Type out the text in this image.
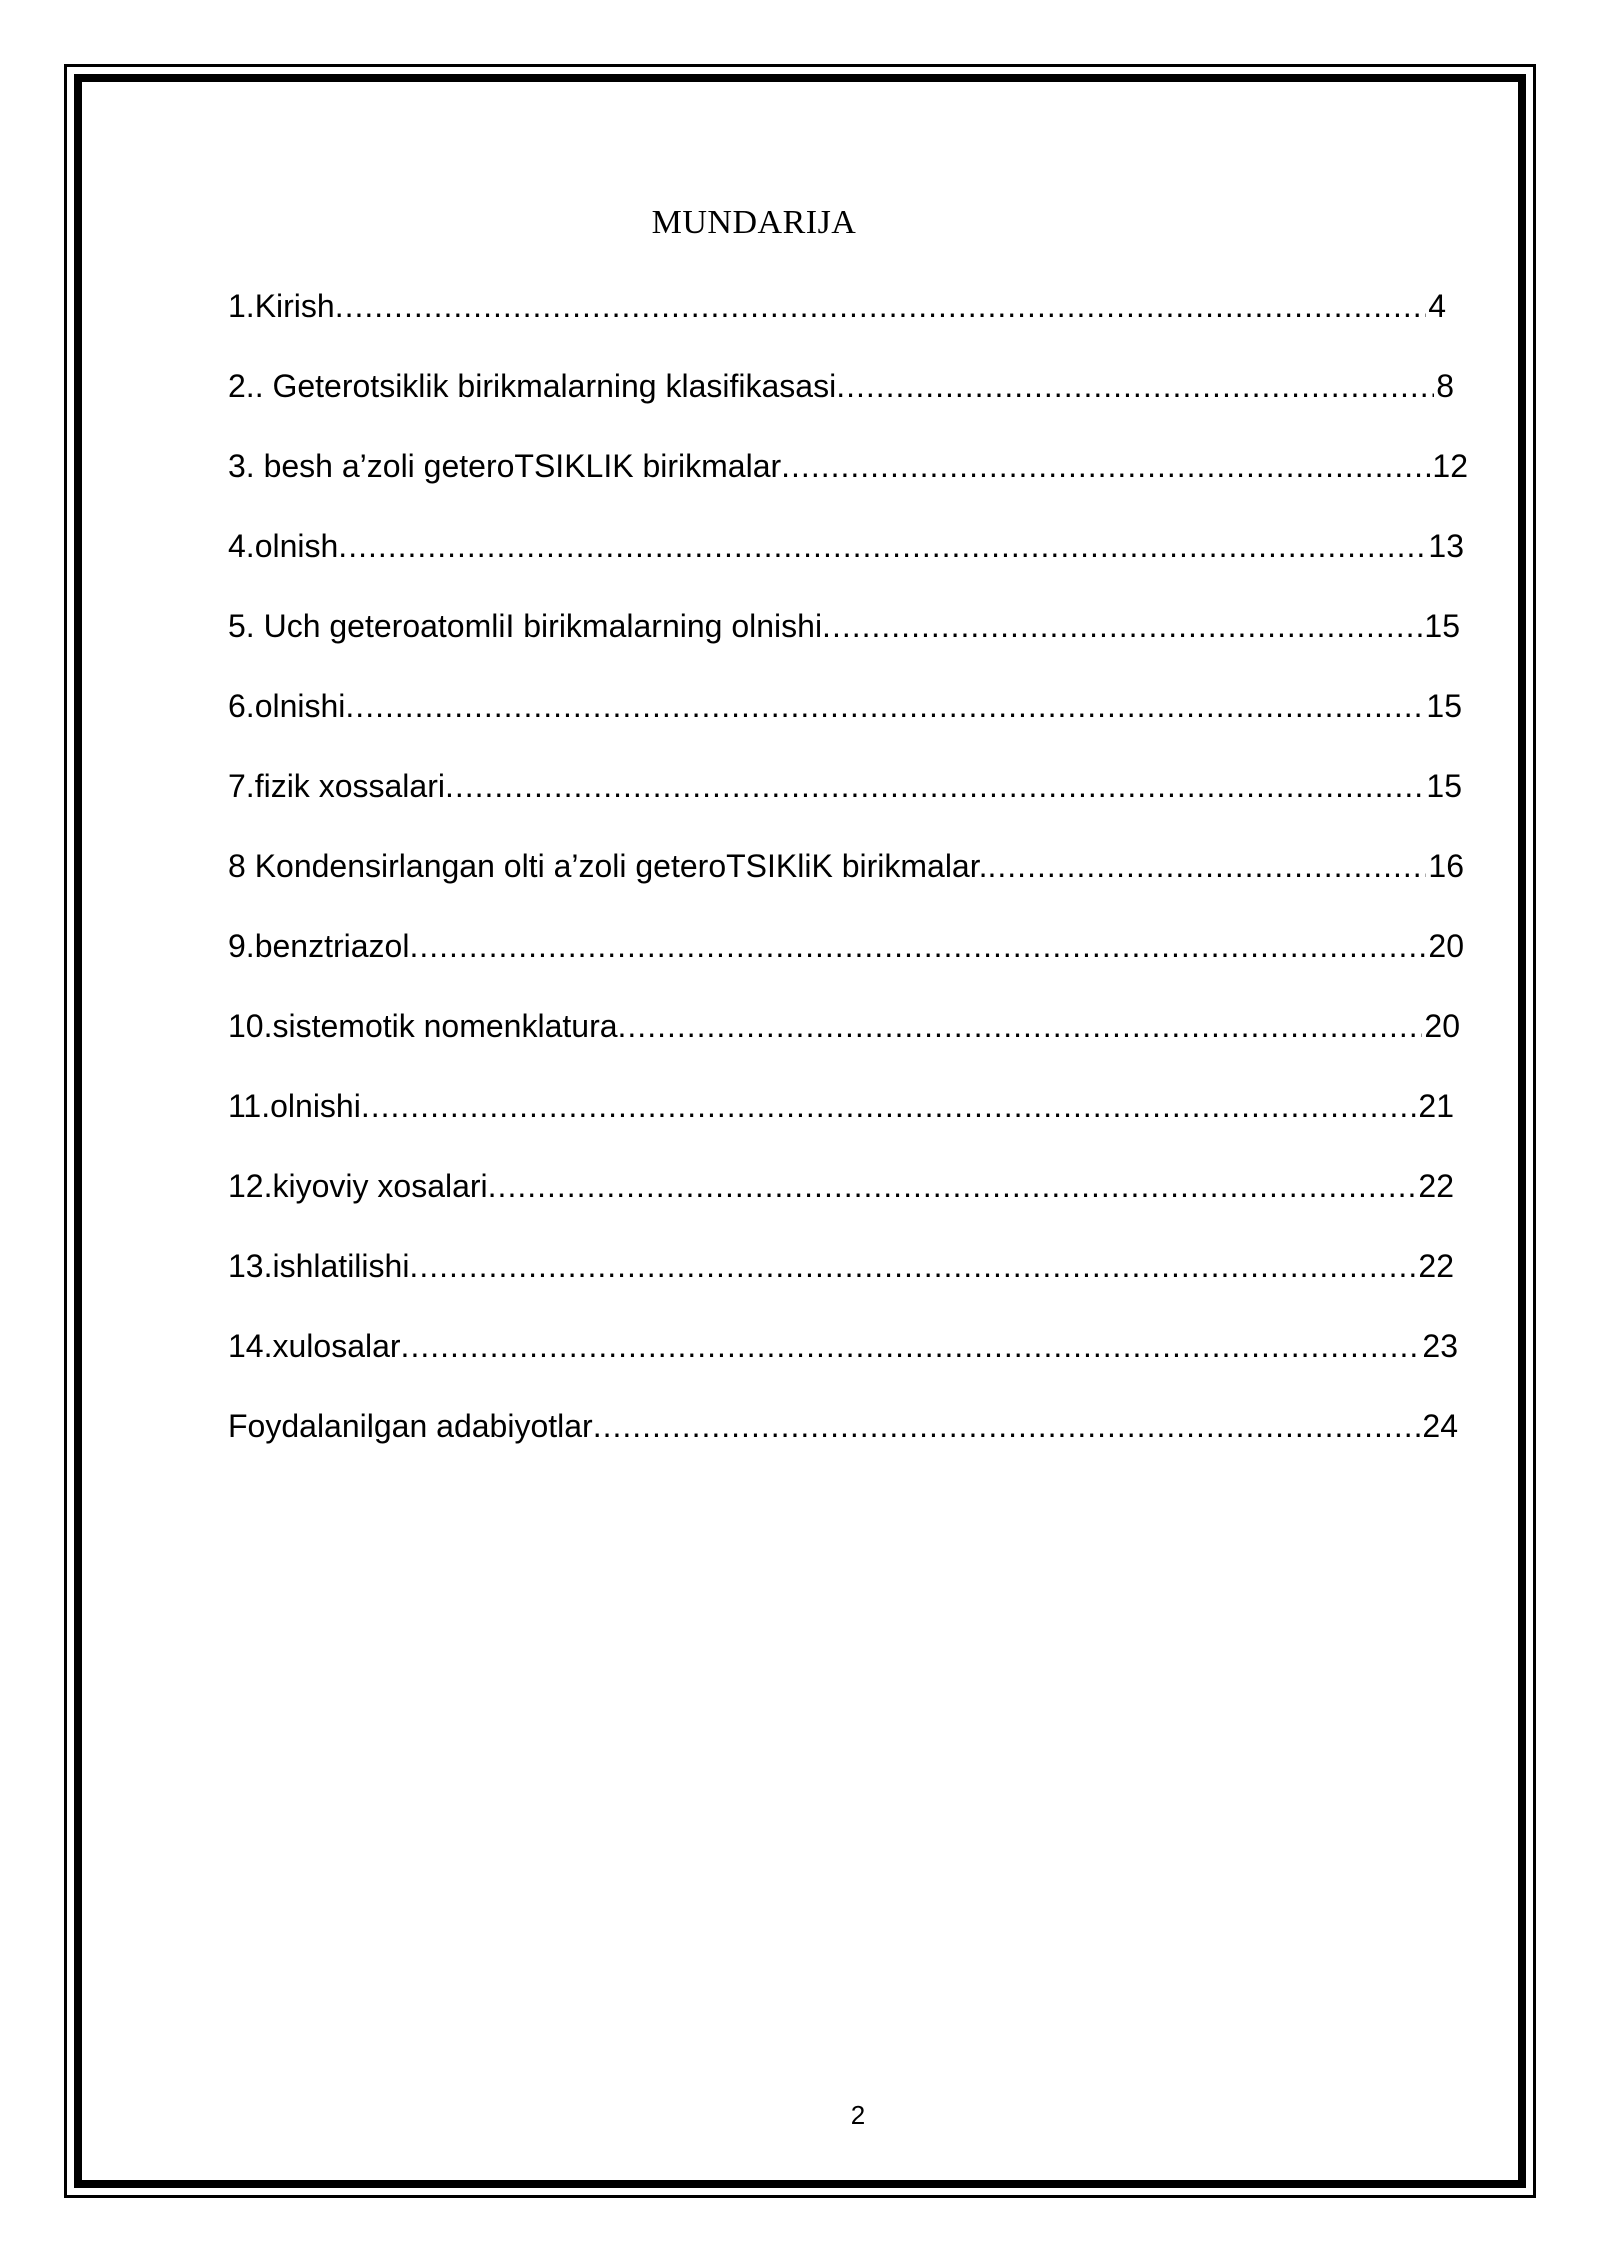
MUNDARIJA
1.Kirish .....	4
2.. Geterotsiklik birikmalarning klasifikasasi .....	8
3. besh a’zoli geteroTSIKLIK birikmalar .....	12
4.olnish .....	13
5. Uch geteroatomliI birikmalarning olnishi .....	15
6.olnishi .....	15
7.fizik xossalari .....	15
8 Kondensirlangan olti a’zoli geteroTSIKliK birikmalar. .....	16
9.benztriazol .....	20
10.sistemotik nomenklatura .....	20
11.olnishi .....	21
12.kiyoviy xosalari .....	22
13.ishlatilishi .....	22
14.xulosalar .....	23
Foydalanilgan adabiyotlar .....	24
2
